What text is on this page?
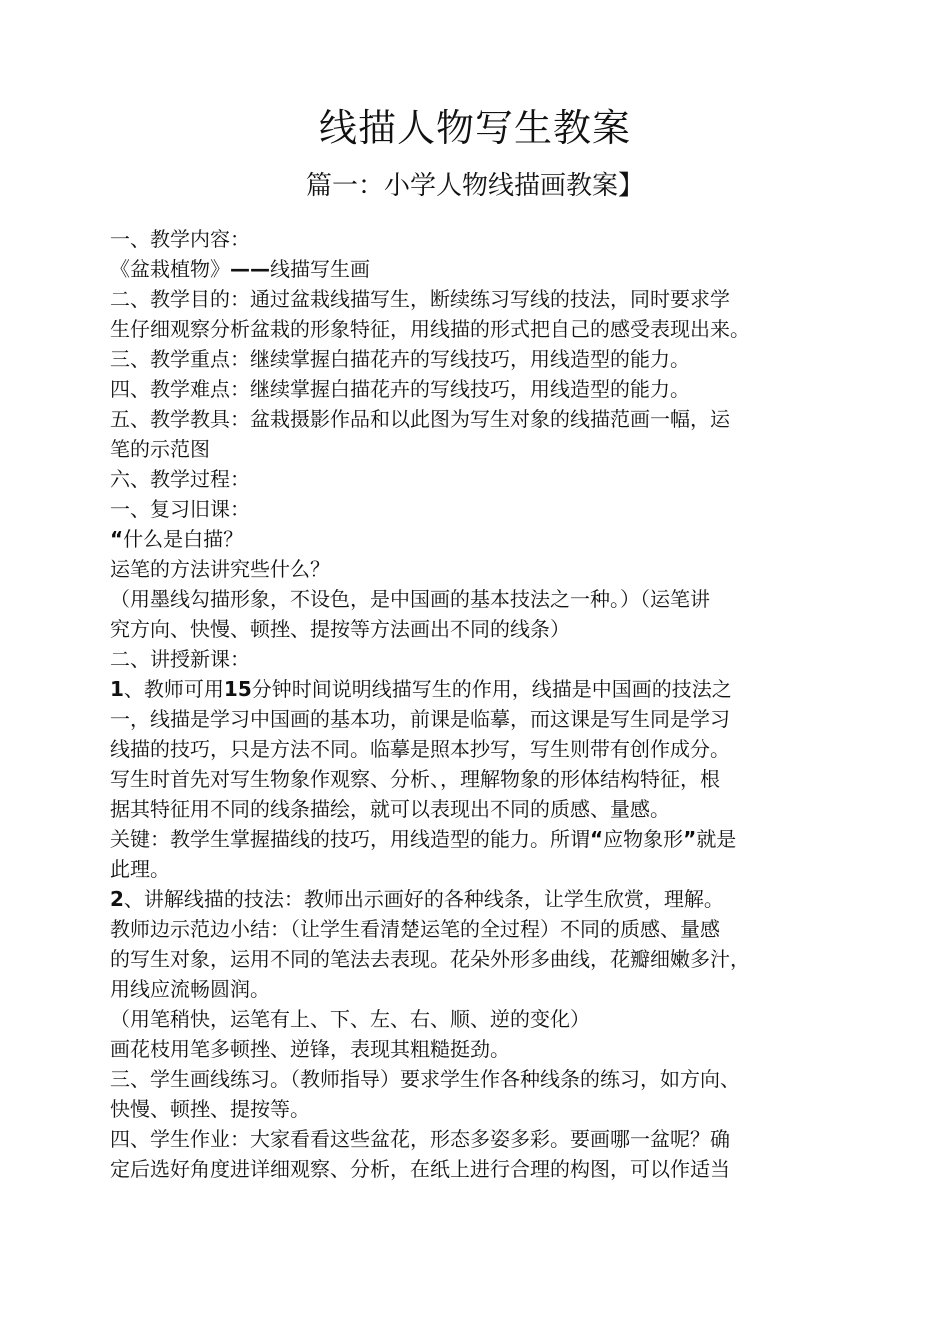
线描人物写生教案
篇一：小学人物线描画教案】
一、教学内容：
《盆栽植物》——线描写生画
二、教学目的：通过盆栽线描写生，断续练习写线的技法，同时要求学
生仔细观察分析盆栽的形象特征，用线描的形式把自己的感受表现出来。
三、教学重点：继续掌握白描花卉的写线技巧，用线造型的能力。
四、教学难点：继续掌握白描花卉的写线技巧，用线造型的能力。
五、教学教具：盆栽摄影作品和以此图为写生对象的线描范画一幅，运
笔的示范图
六、教学过程：
一、复习旧课：
“什么是白描？
运笔的方法讲究些什么？
（用墨线勾描形象，不设色，是中国画的基本技法之一种。）（运笔讲
究方向、快慢、顿挫、提按等方法画出不同的线条）
二、讲授新课：
1、教师可用15分钟时间说明线描写生的作用，线描是中国画的技法之
一，线描是学习中国画的基本功，前课是临摹，而这课是写生同是学习
线描的技巧，只是方法不同。临摹是照本抄写，写生则带有创作成分。
写生时首先对写生物象作观察、分析、，理解物象的形体结构特征，根
据其特征用不同的线条描绘，就可以表现出不同的质感、量感。
关键：教学生掌握描线的技巧，用线造型的能力。所谓“应物象形”就是
此理。
2、讲解线描的技法：教师出示画好的各种线条，让学生欣赏，理解。
教师边示范边小结：（让学生看清楚运笔的全过程）不同的质感、量感
的写生对象，运用不同的笔法去表现。花朵外形多曲线，花瓣细嫩多汁，
用线应流畅圆润。
（用笔稍快，运笔有上、下、左、右、顺、逆的变化）
画花枝用笔多顿挫、逆锋，表现其粗糙挺劲。
三、学生画线练习。（教师指导）要求学生作各种线条的练习，如方向、
快慢、顿挫、提按等。
四、学生作业：大家看看这些盆花，形态多姿多彩。要画哪一盆呢？确
定后选好角度进详细观察、分析，在纸上进行合理的构图，可以作适当
